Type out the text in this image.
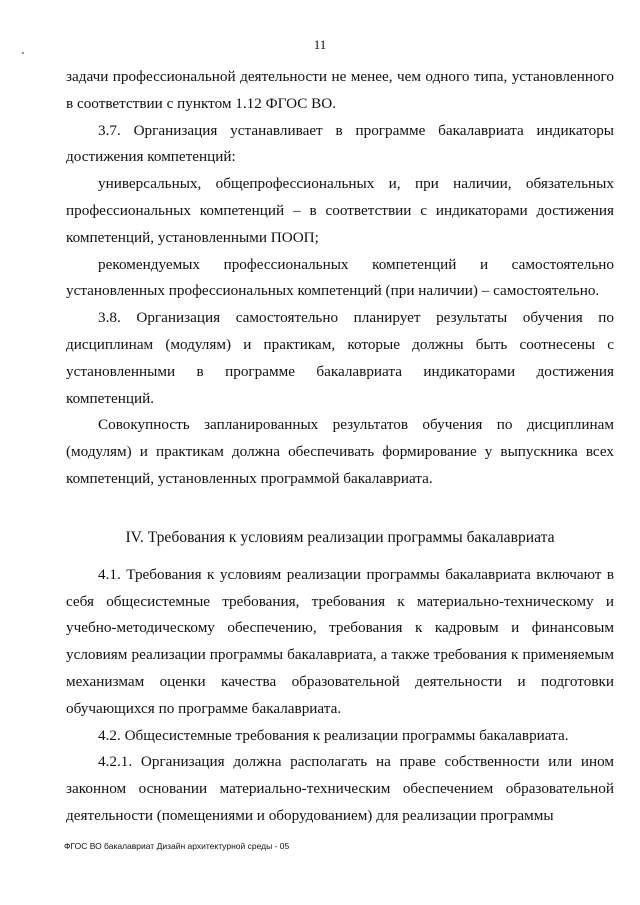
11

задачи профессиональной деятельности не менее, чем одного типа, установленного в соответствии с пунктом 1.12 ФГОС ВО.

3.7. Организация устанавливает в программе бакалавриата индикаторы достижения компетенций:

универсальных, общепрофессиональных и, при наличии, обязательных профессиональных компетенций – в соответствии с индикаторами достижения компетенций, установленными ПООП;

рекомендуемых профессиональных компетенций и самостоятельно установленных профессиональных компетенций (при наличии) – самостоятельно.

3.8. Организация самостоятельно планирует результаты обучения по дисциплинам (модулям) и практикам, которые должны быть соотнесены с установленными в программе бакалавриата индикаторами достижения компетенций.

Совокупность запланированных результатов обучения по дисциплинам (модулям) и практикам должна обеспечивать формирование у выпускника всех компетенций, установленных программой бакалавриата.

IV. Требования к условиям реализации программы бакалавриата

4.1. Требования к условиям реализации программы бакалавриата включают в себя общесистемные требования, требования к материально-техническому и учебно-методическому обеспечению, требования к кадровым и финансовым условиям реализации программы бакалавриата, а также требования к применяемым механизмам оценки качества образовательной деятельности и подготовки обучающихся по программе бакалавриата.

4.2. Общесистемные требования к реализации программы бакалавриата.

4.2.1. Организация должна располагать на праве собственности или ином законном основании материально-техническим обеспечением образовательной деятельности (помещениями и оборудованием) для реализации программы

ФГОС ВО бакалавриат Дизайн архитектурной среды - 05
